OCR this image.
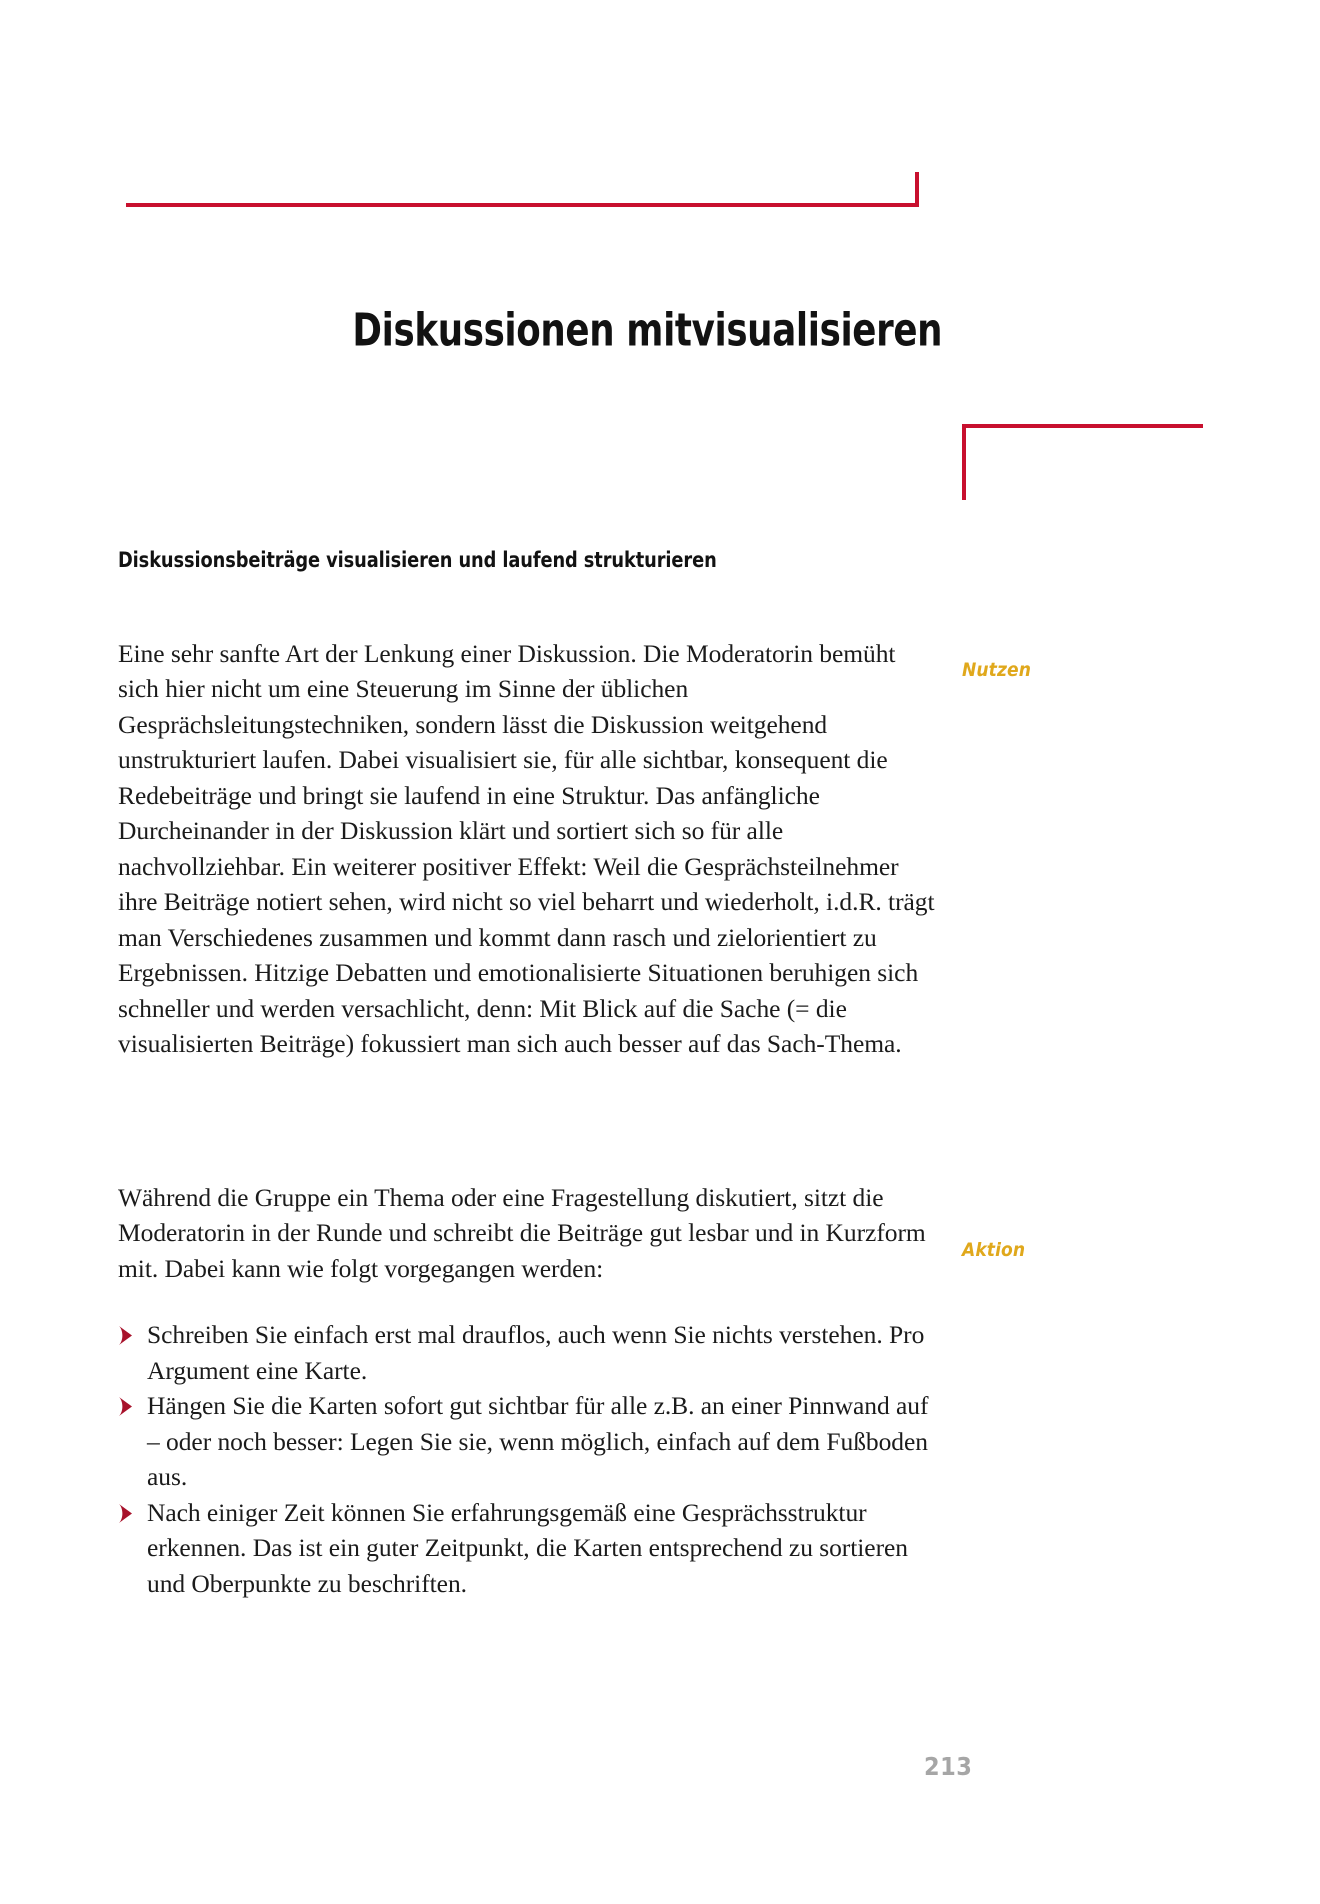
Diskussionen mitvisualisieren
Nutzen
Aktion
Diskussionsbeiträge visualisieren und laufend strukturieren

Eine sehr sanfte Art der Lenkung einer Diskussion. Die Moderatorin bemüht sich hier nicht um eine Steuerung im Sinne der üblichen Gesprächsleitungstechniken, sondern lässt die Diskussion weitgehend unstrukturiert laufen. Dabei visualisiert sie, für alle sichtbar, konsequent die Redebeiträge und bringt sie laufend in eine Struktur. Das anfängliche Durcheinander in der Diskussion klärt und sortiert sich so für alle nachvollziehbar. Ein weiterer positiver Effekt: Weil die Gesprächsteilnehmer ihre Beiträge notiert sehen, wird nicht so viel beharrt und wiederholt, i.d.R. trägt man Verschiedenes zusammen und kommt dann rasch und zielorientiert zu Ergebnissen. Hitzige Debatten und emotionalisierte Situationen beruhigen sich schneller und werden versachlicht, denn: Mit Blick auf die Sache (= die visualisierten Beiträge) fokussiert man sich auch besser auf das Sach-Thema.

Während die Gruppe ein Thema oder eine Fragestellung diskutiert, sitzt die Moderatorin in der Runde und schreibt die Beiträge gut lesbar und in Kurzform mit. Dabei kann wie folgt vorgegangen werden:

Schreiben Sie einfach erst mal drauflos, auch wenn Sie nichts verstehen. Pro Argument eine Karte.
Hängen Sie die Karten sofort gut sichtbar für alle z.B. an einer Pinnwand auf – oder noch besser: Legen Sie sie, wenn möglich, einfach auf dem Fußboden aus.
Nach einiger Zeit können Sie erfahrungsgemäß eine Gesprächsstruktur erkennen. Das ist ein guter Zeitpunkt, die Karten entsprechend zu sortieren und Oberpunkte zu beschriften.
213
